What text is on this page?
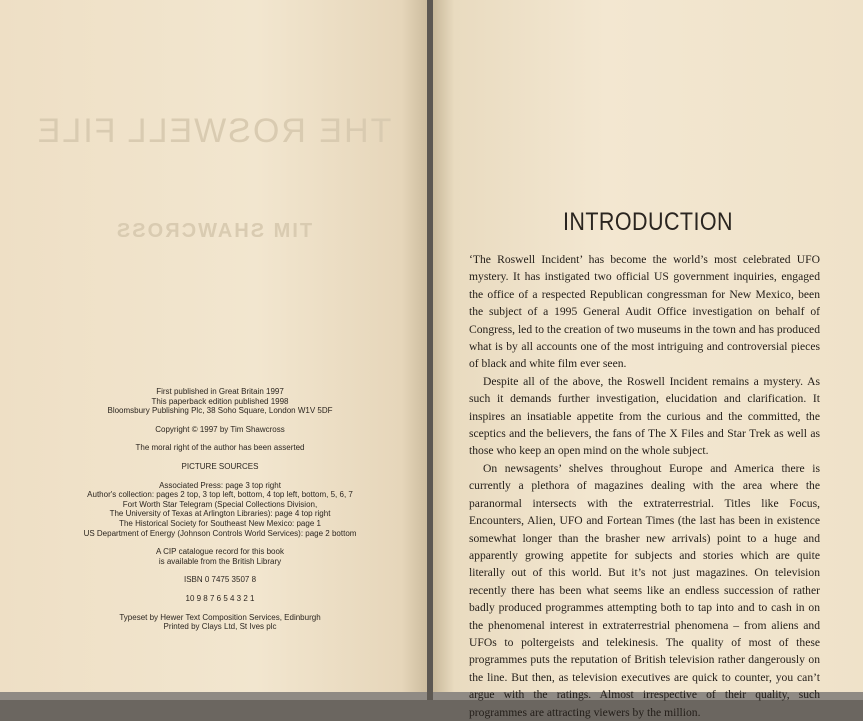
THE ROSWELL FILE
TIM SHAWCROSS

First published in Great Britain 1997

This paperback edition published 1998

Bloomsbury Publishing Plc, 38 Soho Square, London W1V 5DF

Copyright © 1997 by Tim Shawcross

The moral right of the author has been asserted

PICTURE SOURCES

Associated Press: page 3 top right

Author's collection: pages 2 top, 3 top left, bottom, 4 top left, bottom, 5, 6, 7

Fort Worth Star Telegram (Special Collections Division,

The University of Texas at Arlington Libraries): page 4 top right

The Historical Society for Southeast New Mexico: page 1

US Department of Energy (Johnson Controls World Services): page 2 bottom

A CIP catalogue record for this book

is available from the British Library

ISBN 0 7475 3507 8

10 9 8 7 6 5 4 3 2 1

Typeset by Hewer Text Composition Services, Edinburgh

Printed by Clays Ltd, St Ives plc

INTRODUCTION

‘The Roswell Incident’ has become the world’s most celebrated UFO mystery. It has instigated two official US government inquiries, engaged the office of a respected Republican congressman for New Mexico, been the subject of a 1995 General Audit Office investigation on behalf of Congress, led to the creation of two museums in the town and has produced what is by all accounts one of the most intriguing and controversial pieces of black and white film ever seen.

Despite all of the above, the Roswell Incident remains a mystery. As such it demands further investigation, elucidation and clarification. It inspires an insatiable appetite from the curious and the committed, the sceptics and the believers, the fans of The X Files and Star Trek as well as those who keep an open mind on the whole subject.

On newsagents’ shelves throughout Europe and America there is currently a plethora of magazines dealing with the area where the paranormal intersects with the extraterrestrial. Titles like Focus, Encounters, Alien, UFO and Fortean Times (the last has been in existence somewhat longer than the brasher new arrivals) point to a huge and apparently growing appetite for subjects and stories which are quite literally out of this world. But it’s not just magazines. On television recently there has been what seems like an endless succession of rather badly produced programmes attempting both to tap into and to cash in on the phenomenal interest in extraterrestrial phenomena – from aliens and UFOs to poltergeists and telekinesis. The quality of most of these programmes puts the reputation of British television rather dangerously on the line. But then, as television executives are quick to counter, you can’t argue with the ratings. Almost irrespective of their quality, such programmes are attracting viewers by the million.
